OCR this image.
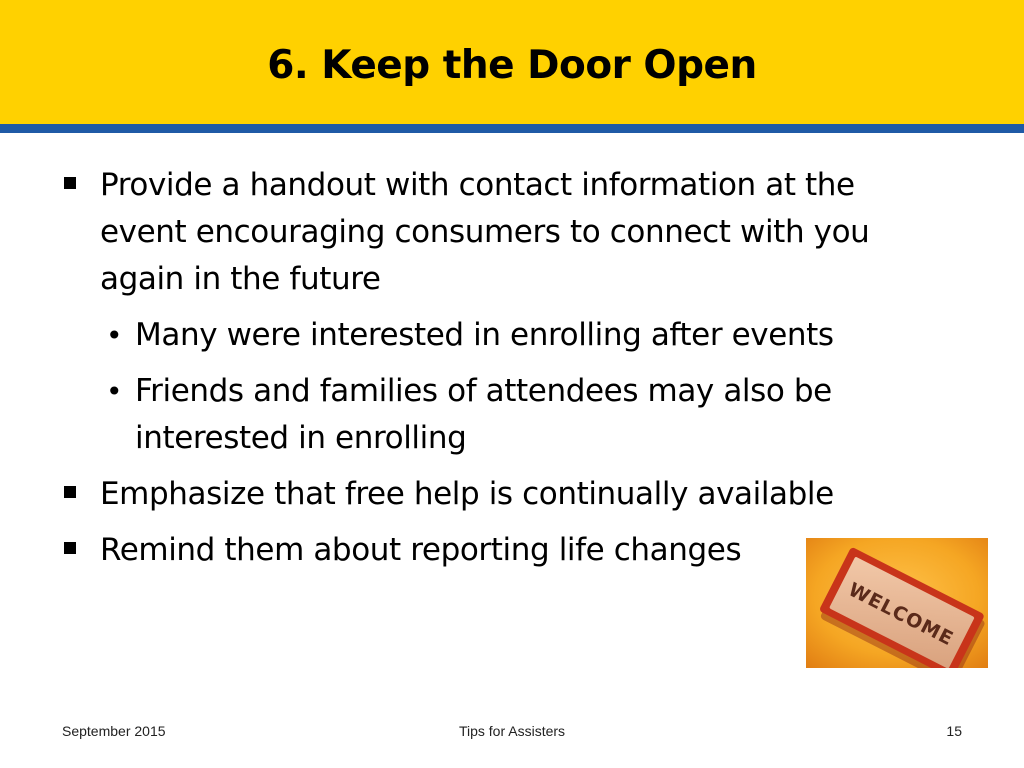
6. Keep the Door Open
Provide a handout with contact information at the event encouraging consumers to connect with you again in the future
• Many were interested in enrolling after events
• Friends and families of attendees may also be interested in enrolling
Emphasize that free help is continually available
Remind them about reporting life changes
WELCOME
September 2015	Tips for Assisters	15
